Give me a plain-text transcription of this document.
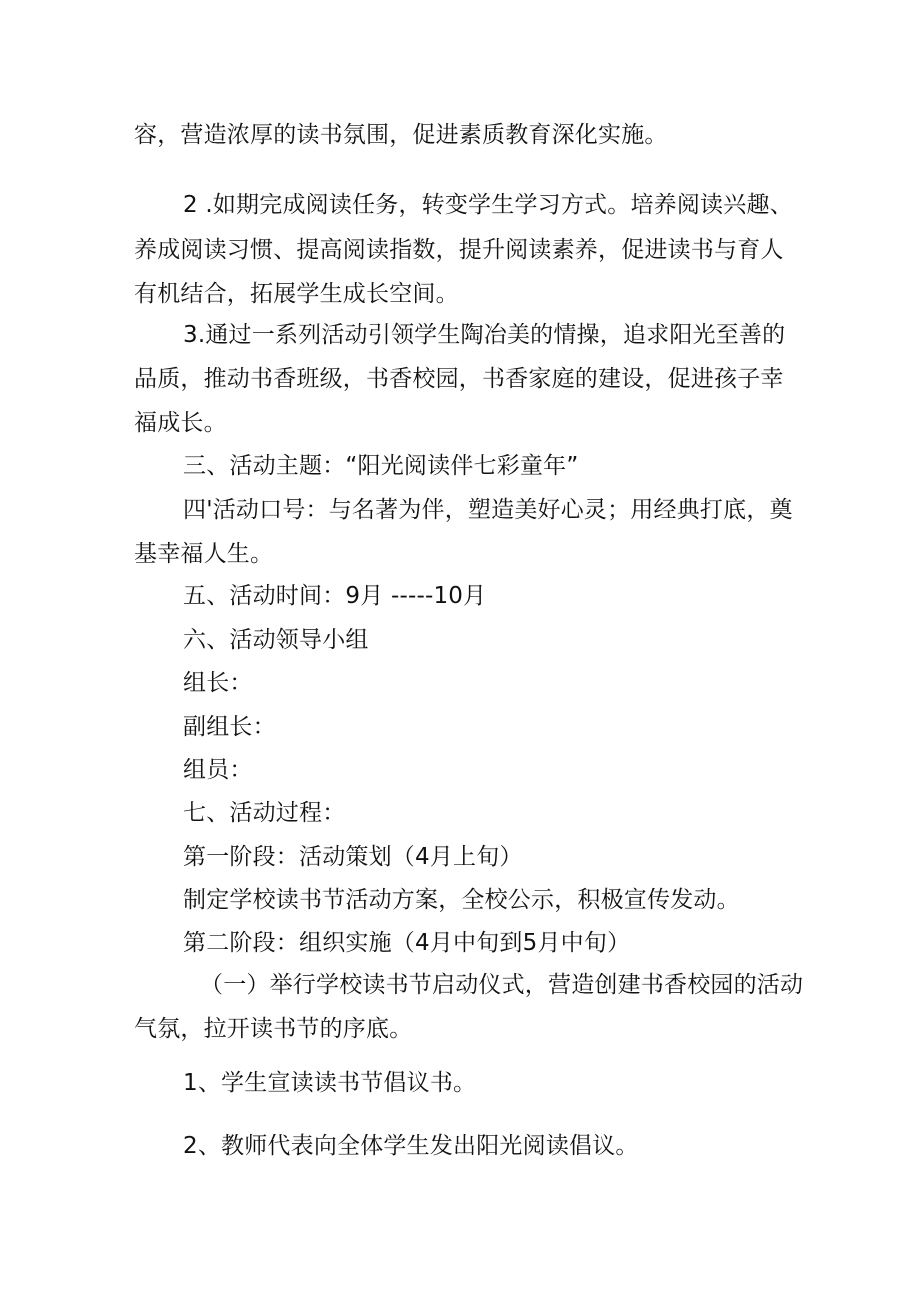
容，营造浓厚的读书氛围，促进素质教育深化实施。
2 .如期完成阅读任务，转变学生学习方式。培养阅读兴趣、
养成阅读习惯、提高阅读指数，提升阅读素养，促进读书与育人
有机结合，拓展学生成长空间。
3.通过一系列活动引领学生陶冶美的情操，追求阳光至善的
品质，推动书香班级，书香校园，书香家庭的建设，促进孩子幸
福成长。
三、活动主题：“阳光阅读伴七彩童年”
四'活动口号：与名著为伴，塑造美好心灵；用经典打底，奠
基幸福人生。
五、活动时间：9月 -----10月
六、活动领导小组
组长：
副组长：
组员：
七、活动过程：
第一阶段：活动策划（4月上旬）
制定学校读书节活动方案，全校公示，积极宣传发动。
第二阶段：组织实施（4月中旬到5月中旬）
（一）举行学校读书节启动仪式，营造创建书香校园的活动
气氛，拉开读书节的序底。
1、学生宣读读书节倡议书。
2、教师代表向全体学生发出阳光阅读倡议。
